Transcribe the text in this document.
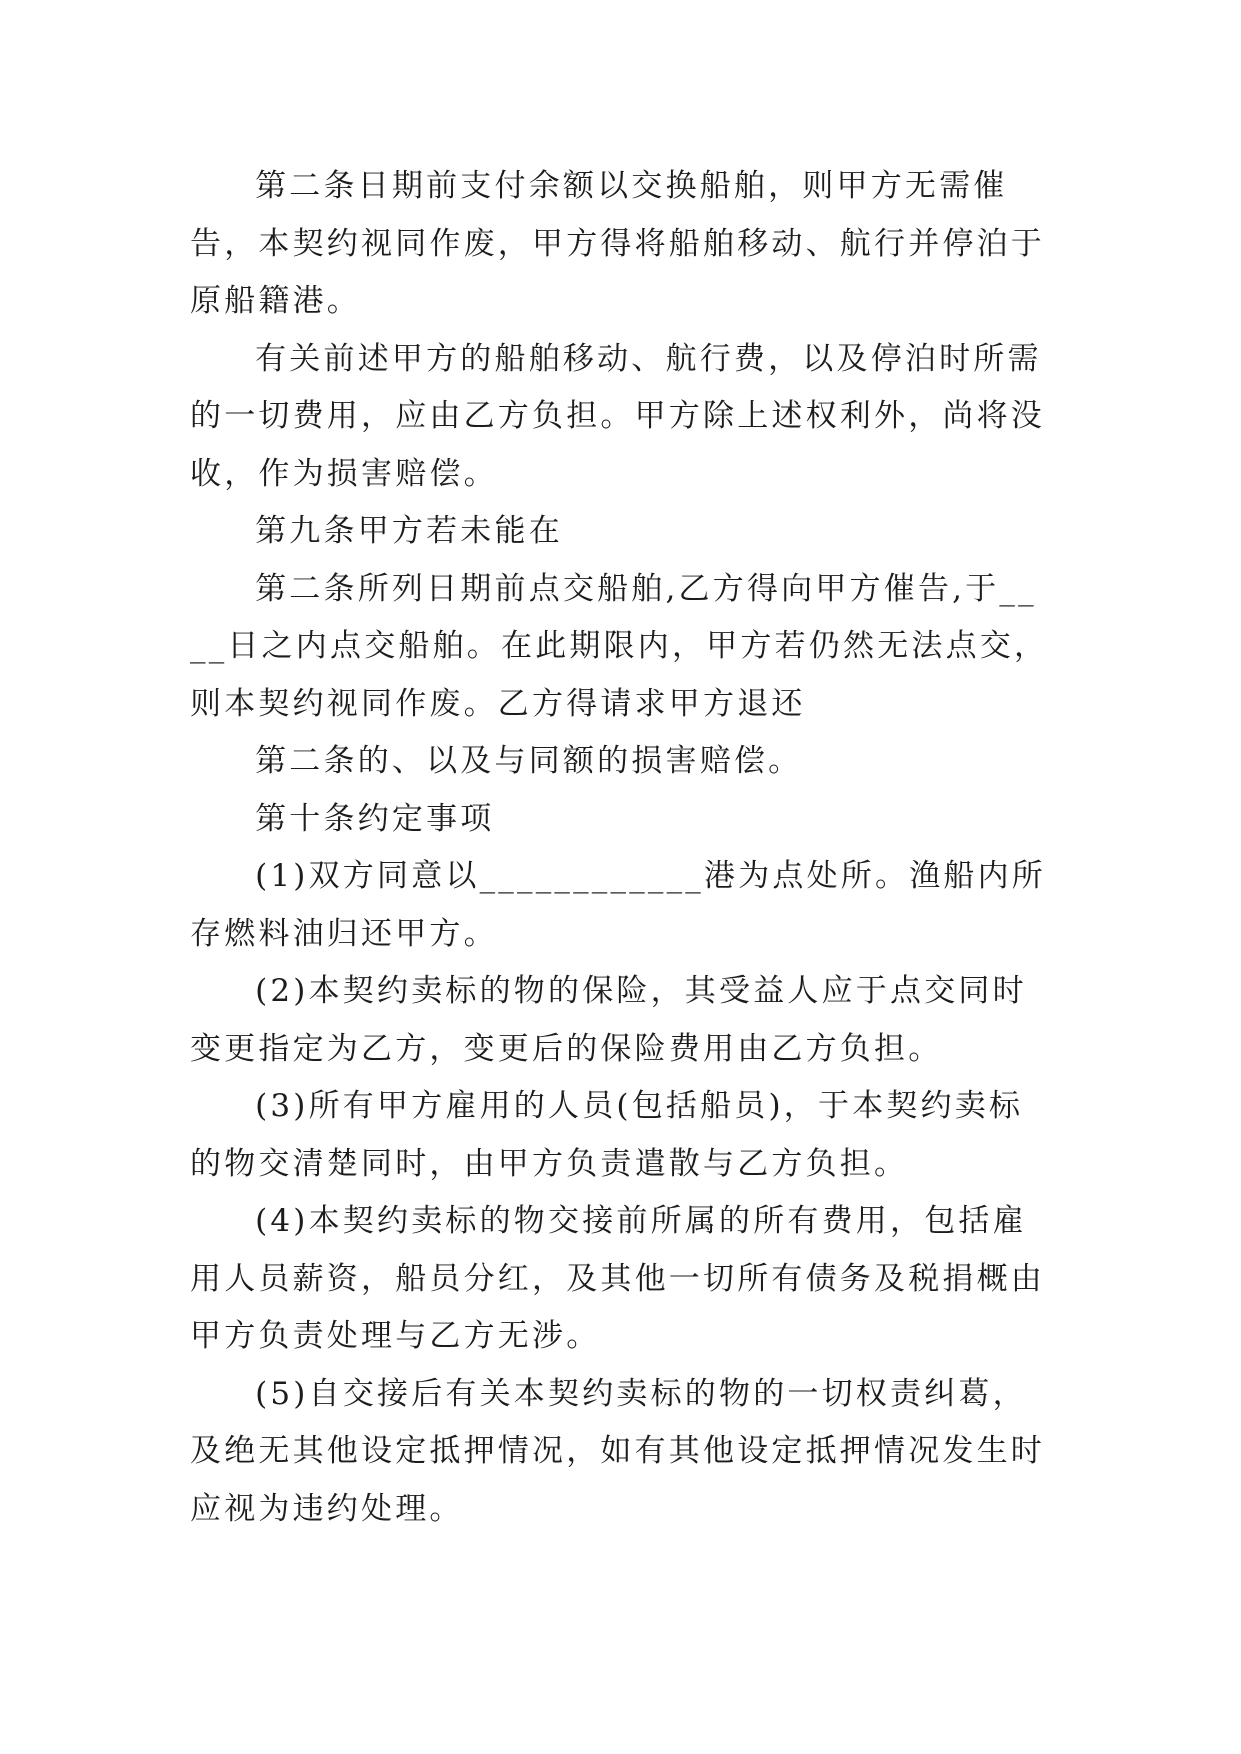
第二条日期前支付余额以交换船舶，则甲方无需催告，本契约视同作废，甲方得将船舶移动、航行并停泊于原船籍港。

有关前述甲方的船舶移动、航行费，以及停泊时所需的一切费用，应由乙方负担。甲方除上述权利外，尚将没收，作为损害赔偿。

第九条甲方若未能在

第二条所列日期前点交船舶,乙方得向甲方催告,于____日之内点交船舶。在此期限内，甲方若仍然无法点交，则本契约视同作废。乙方得请求甲方退还

第二条的、以及与同额的损害赔偿。

第十条约定事项

(1)双方同意以____________港为点处所。渔船内所存燃料油归还甲方。

(2)本契约卖标的物的保险，其受益人应于点交同时变更指定为乙方，变更后的保险费用由乙方负担。

(3)所有甲方雇用的人员(包括船员)，于本契约卖标的物交清楚同时，由甲方负责遣散与乙方负担。

(4)本契约卖标的物交接前所属的所有费用，包括雇用人员薪资，船员分红，及其他一切所有债务及税捐概由甲方负责处理与乙方无涉。

(5)自交接后有关本契约卖标的物的一切权责纠葛，及绝无其他设定抵押情况，如有其他设定抵押情况发生时应视为违约处理。
